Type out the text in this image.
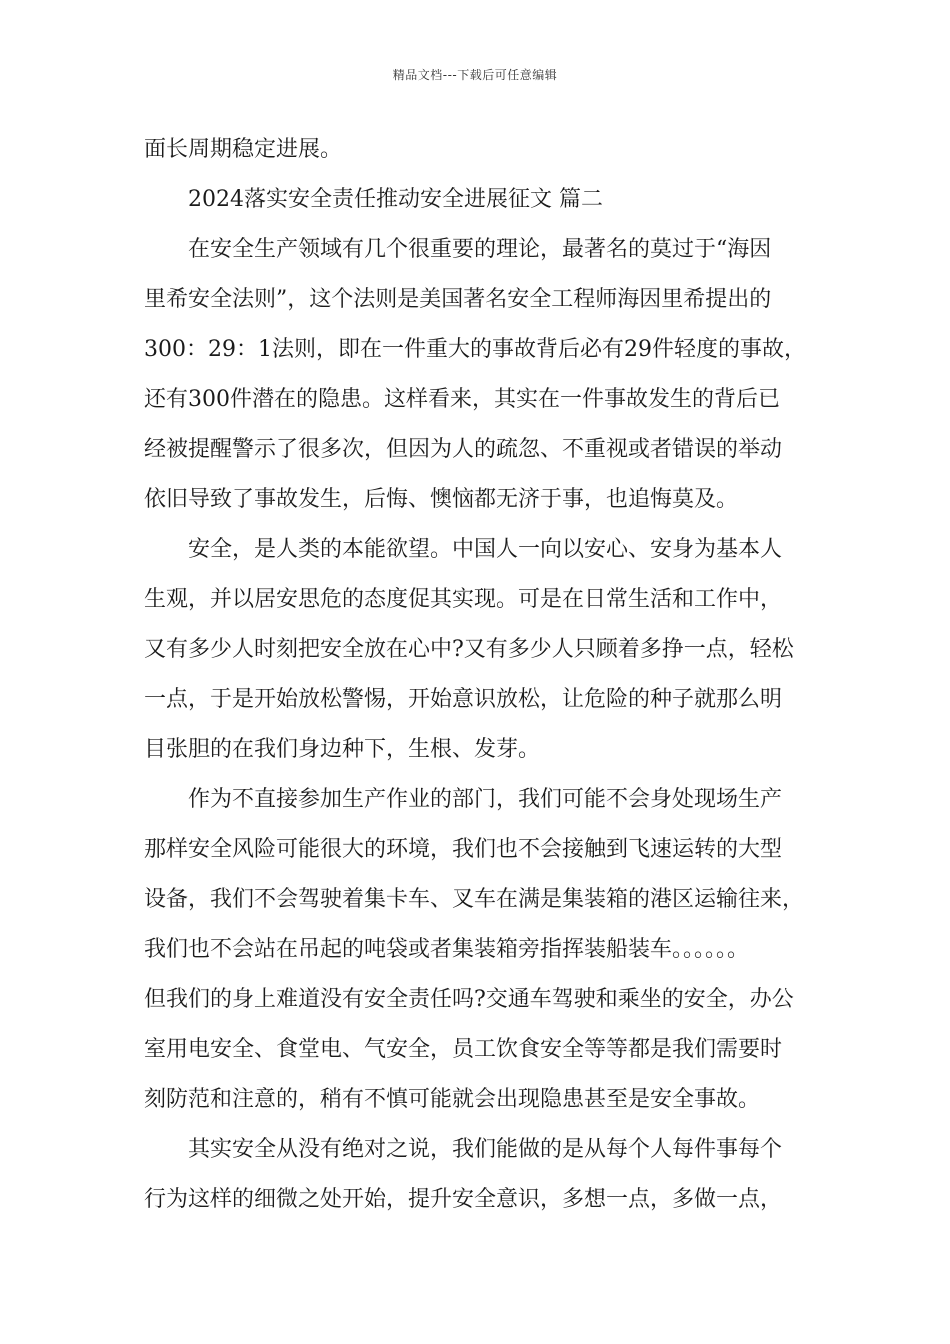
精品文档---下载后可任意编辑
面长周期稳定进展。
2024落实安全责任推动安全进展征文 篇二
在安全生产领域有几个很重要的理论，最著名的莫过于“海因
里希安全法则”，这个法则是美国著名安全工程师海因里希提出的
300：29：1法则，即在一件重大的事故背后必有29件轻度的事故，
还有300件潜在的隐患。这样看来，其实在一件事故发生的背后已
经被提醒警示了很多次，但因为人的疏忽、不重视或者错误的举动
依旧导致了事故发生，后悔、懊恼都无济于事，也追悔莫及。
安全，是人类的本能欲望。中国人一向以安心、安身为基本人
生观，并以居安思危的态度促其实现。可是在日常生活和工作中，
又有多少人时刻把安全放在心中?又有多少人只顾着多挣一点，轻松
一点，于是开始放松警惕，开始意识放松，让危险的种子就那么明
目张胆的在我们身边种下，生根、发芽。
作为不直接参加生产作业的部门，我们可能不会身处现场生产
那样安全风险可能很大的环境，我们也不会接触到飞速运转的大型
设备，我们不会驾驶着集卡车、叉车在满是集装箱的港区运输往来，
我们也不会站在吊起的吨袋或者集装箱旁指挥装船装车。。。。。。
但我们的身上难道没有安全责任吗?交通车驾驶和乘坐的安全，办公
室用电安全、食堂电、气安全，员工饮食安全等等都是我们需要时
刻防范和注意的，稍有不慎可能就会出现隐患甚至是安全事故。
其实安全从没有绝对之说，我们能做的是从每个人每件事每个
行为这样的细微之处开始，提升安全意识，多想一点，多做一点，
